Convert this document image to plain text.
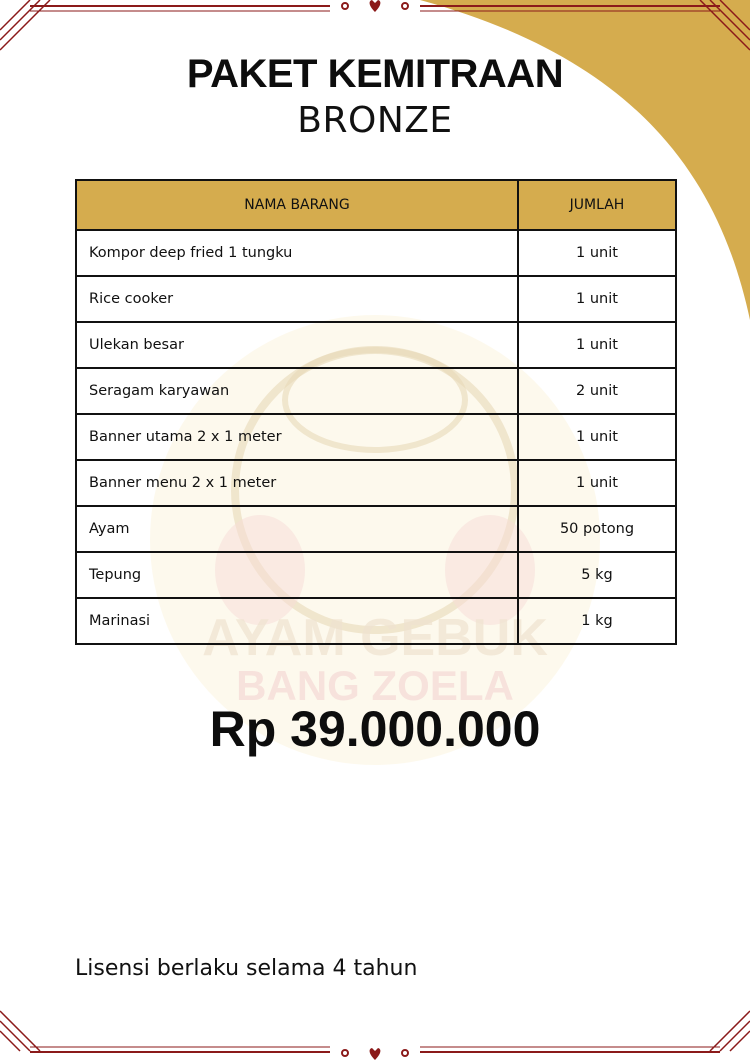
AYAM GEBUK
BANG ZOELA
PAKET KEMITRAAN
BRONZE
NAMA BARANG	JUMLAH
Kompor deep fried 1 tungku	1 unit
Rice cooker	1 unit
Ulekan besar	1 unit
Seragam karyawan	2 unit
Banner utama 2 x 1 meter	1 unit
Banner menu 2 x 1 meter	1 unit
Ayam	50 potong
Tepung	5 kg
Marinasi	1 kg
Rp 39.000.000
Lisensi berlaku selama 4 tahun
